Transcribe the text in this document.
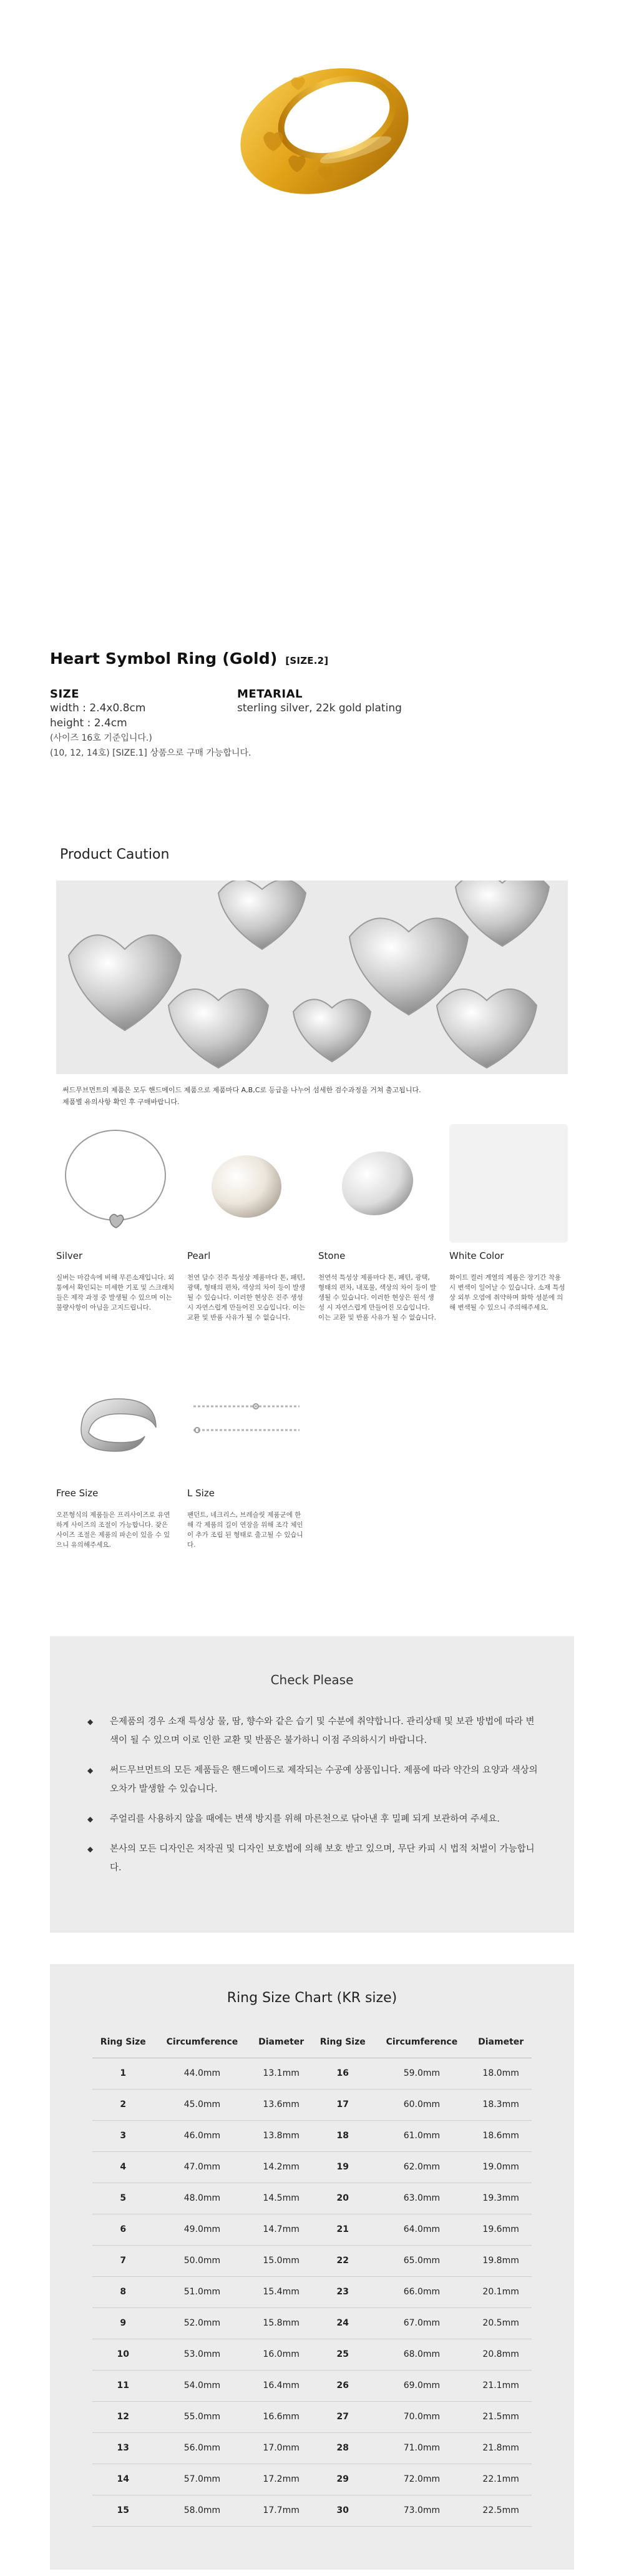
Heart Symbol Ring (Gold) [SIZE.2]
SIZE
width : 2.4x0.8cm
height : 2.4cm
METARIAL
sterling silver, 22k gold plating
(사이즈 16호 기준입니다.)
(10, 12, 14호) [SIZE.1] 상품으로 구매 가능합니다.
Product Caution
써드무브먼트의 제품은 모두 핸드메이드 제품으로 제품마다 A,B,C로 등급을 나누어 섬세한 검수과정을 거쳐 출고됩니다.
제품별 유의사항 확인 후 구매바랍니다.
Silver
실버는 마감속에 비해 무른소재입니다. 외통에서 확인되는 미세한 기포 및 스크래치들은 제작 과정 중 발생될 수 있으며 이는 불량사항이 아님을 고지드립니다.
Pearl
천연 담수 진주 특성상 제품마다 톤, 패턴, 광택, 형태의 편차, 색상의 차이 등이 발생될 수 있습니다. 이러한 현상은 진주 생성 시 자연스럽게 만들어진 모습입니다. 이는 교환 및 반품 사유가 될 수 없습니다.
Stone
천연석 특성상 제품마다 톤, 패턴, 광택, 형태의 편차, 내포물, 색상의 차이 등이 발생될 수 있습니다. 이러한 현상은 원석 생성 시 자연스럽게 만들어진 모습입니다. 이는 교환 및 반품 사유가 될 수 없습니다.
White Color
화이트 컬러 계열의 제품은 장기간 착용 시 변색이 일어날 수 있습니다. 소재 특성상 외부 오염에 취약하며 화학 성분에 의해 변색될 수 있으니 주의해주세요.
Free Size
오픈형식의 제품들은 프리사이즈로 유연하게 사이즈의 조절이 가능합니다. 잦은 사이즈 조절은 제품의 파손이 있을 수 있으니 유의해주세요.
L Size
팬던트, 네크리스, 브레슬릿 제품군에 한해 각 제품의 길이 연장을 위해 조각 체인이 추가 조립 된 형태로 출고될 수 있습니다.
Check Please
◆ 은제품의 경우 소재 특성상 물, 땀, 향수와 같은 습기 및 수분에 취약합니다. 관리상태 및 보관 방법에 따라 변색이 될 수 있으며 이로 인한 교환 및 반품은 불가하니 이점 주의하시기 바랍니다.
◆ 써드무브먼트의 모든 제품들은 핸드메이드로 제작되는 수공예 상품입니다. 제품에 따라 약간의 요양과 색상의 오차가 발생할 수 있습니다.
◆ 주얼리를 사용하지 않을 때에는 변색 방지를 위해 마른천으로 닦아낸 후 밀폐 되게 보관하여 주세요.
◆ 본사의 모든 디자인은 저작권 및 디자인 보호법에 의해 보호 받고 있으며, 무단 카피 시 법적 처벌이 가능합니다.
Ring Size Chart (KR size)
Ring Size	Circumference	Diameter	Ring Size	Circumference	Diameter
1	44.0mm	13.1mm	16	59.0mm	18.0mm
2	45.0mm	13.6mm	17	60.0mm	18.3mm
3	46.0mm	13.8mm	18	61.0mm	18.6mm
4	47.0mm	14.2mm	19	62.0mm	19.0mm
5	48.0mm	14.5mm	20	63.0mm	19.3mm
6	49.0mm	14.7mm	21	64.0mm	19.6mm
7	50.0mm	15.0mm	22	65.0mm	19.8mm
8	51.0mm	15.4mm	23	66.0mm	20.1mm
9	52.0mm	15.8mm	24	67.0mm	20.5mm
10	53.0mm	16.0mm	25	68.0mm	20.8mm
11	54.0mm	16.4mm	26	69.0mm	21.1mm
12	55.0mm	16.6mm	27	70.0mm	21.5mm
13	56.0mm	17.0mm	28	71.0mm	21.8mm
14	57.0mm	17.2mm	29	72.0mm	22.1mm
15	58.0mm	17.7mm	30	73.0mm	22.5mm
